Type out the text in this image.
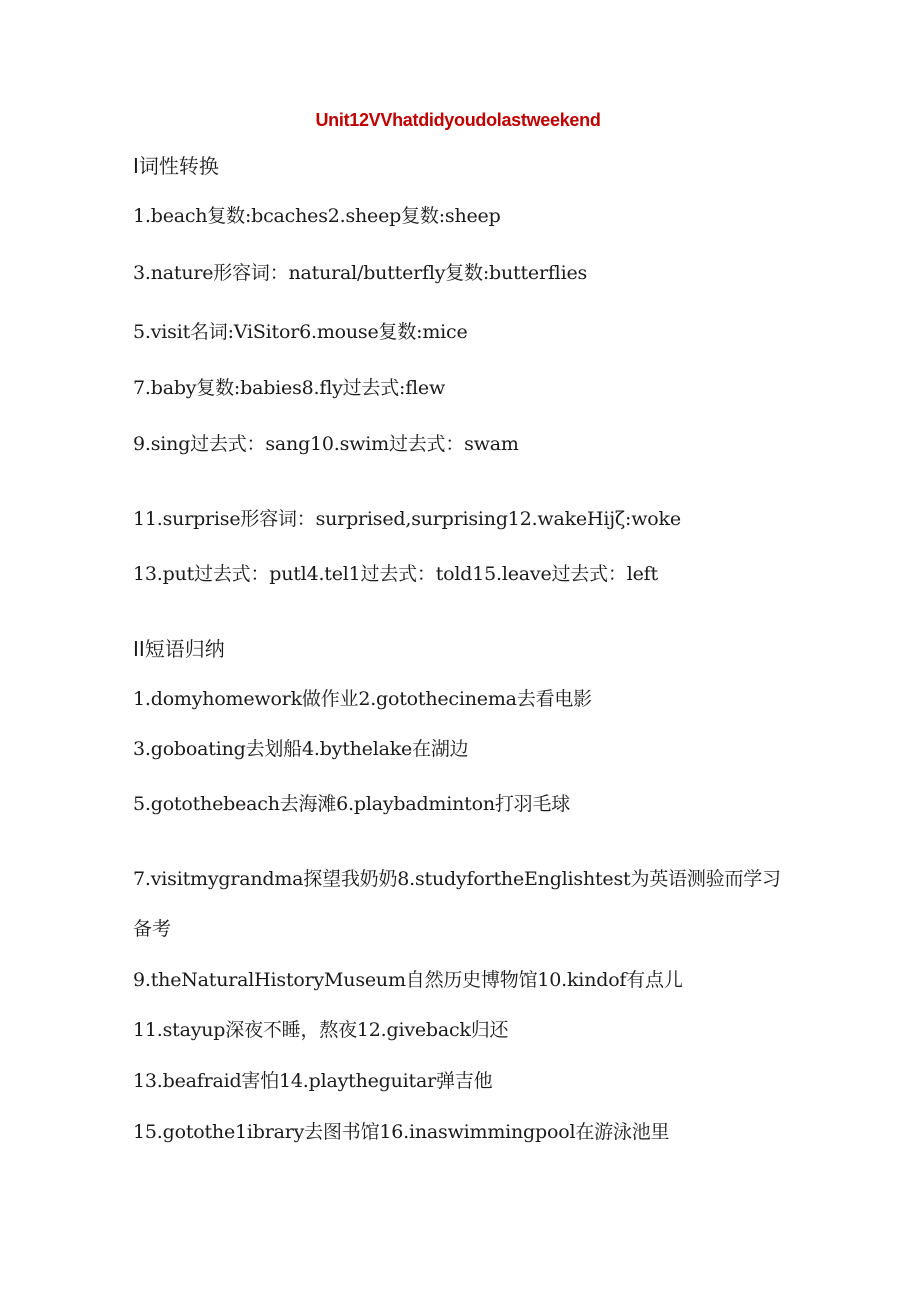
Unit12VVhatdidyoudolastweekend
I词性转换
1.beach复数:bcaches2.sheep复数:sheep
3.nature形容词：natural/butterfly复数:butterflies
5.visit名词:ViSitor6.mouse复数:mice
7.baby复数:babies8.fly过去式:flew
9.sing过去式：sang10.swim过去式：swam
11.surprise形容词：surprised,surprising12.wakeHijζ:woke
13.put过去式：putl4.tel1过去式：told15.leave过去式：left
II短语归纳
1.domyhomework做作业2.gotothecinema去看电影
3.goboating去划船4.bythelake在湖边
5.gotothebeach去海滩6.playbadminton打羽毛球
7.visitmygrandma探望我奶奶8.studyfortheEnglishtest为英语测验而学习
备考
9.theNaturalHistoryMuseum自然历史博物馆10.kindof有点儿
11.stayup深夜不睡，熬夜12.giveback归还
13.beafraid害怕14.playtheguitar弹吉他
15.gotothe1ibrary去图书馆16.inaswimmingpool在游泳池里
